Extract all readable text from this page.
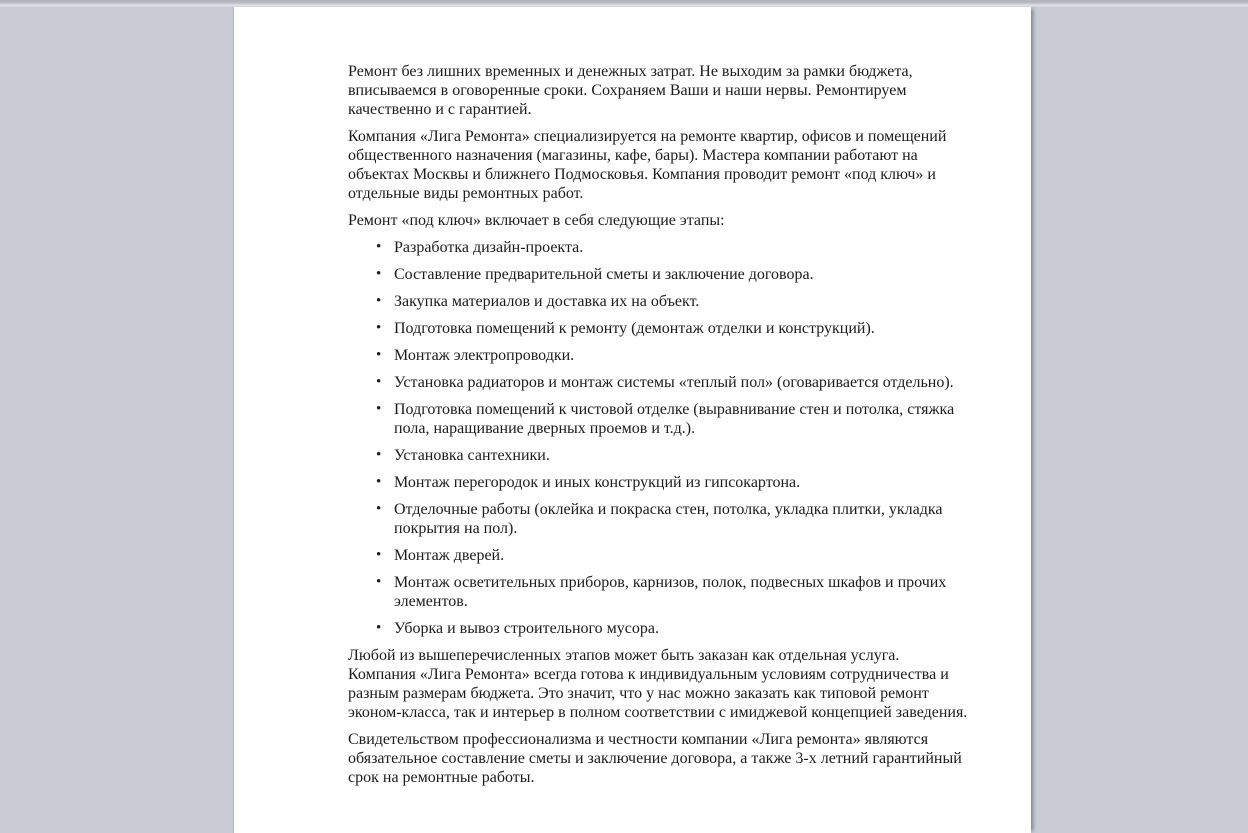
Ремонт без лишних временных и денежных затрат. Не выходим за рамки бюджета, вписываемся в оговоренные сроки. Сохраняем Ваши и наши нервы. Ремонтируем качественно и с гарантией.

Компания «Лига Ремонта» специализируется на ремонте квартир, офисов и помещений общественного назначения (магазины, кафе, бары). Мастера компании работают на объектах Москвы и ближнего Подмосковья. Компания проводит ремонт «под ключ» и отдельные виды ремонтных работ.

Ремонт «под ключ» включает в себя следующие этапы:

• Разработка дизайн-проекта.
• Составление предварительной сметы и заключение договора.
• Закупка материалов и доставка их на объект.
• Подготовка помещений к ремонту (демонтаж отделки и конструкций).
• Монтаж электропроводки.
• Установка радиаторов и монтаж системы «теплый пол» (оговаривается отдельно).
• Подготовка помещений к чистовой отделке (выравнивание стен и потолка, стяжка пола, наращивание дверных проемов и т.д.).
• Установка сантехники.
• Монтаж перегородок и иных конструкций из гипсокартона.
• Отделочные работы (оклейка и покраска стен, потолка, укладка плитки, укладка покрытия на пол).
• Монтаж дверей.
• Монтаж осветительных приборов, карнизов, полок, подвесных шкафов и прочих элементов.
• Уборка и вывоз строительного мусора.

Любой из вышеперечисленных этапов может быть заказан как отдельная услуга. Компания «Лига Ремонта» всегда готова к индивидуальным условиям сотрудничества и разным размерам бюджета. Это значит, что у нас можно заказать как типовой ремонт эконом-класса, так и интерьер в полном соответствии с имиджевой концепцией заведения.

Свидетельством профессионализма и честности компании «Лига ремонта» являются обязательное составление сметы и заключение договора, а также 3-х летний гарантийный срок на ремонтные работы.
